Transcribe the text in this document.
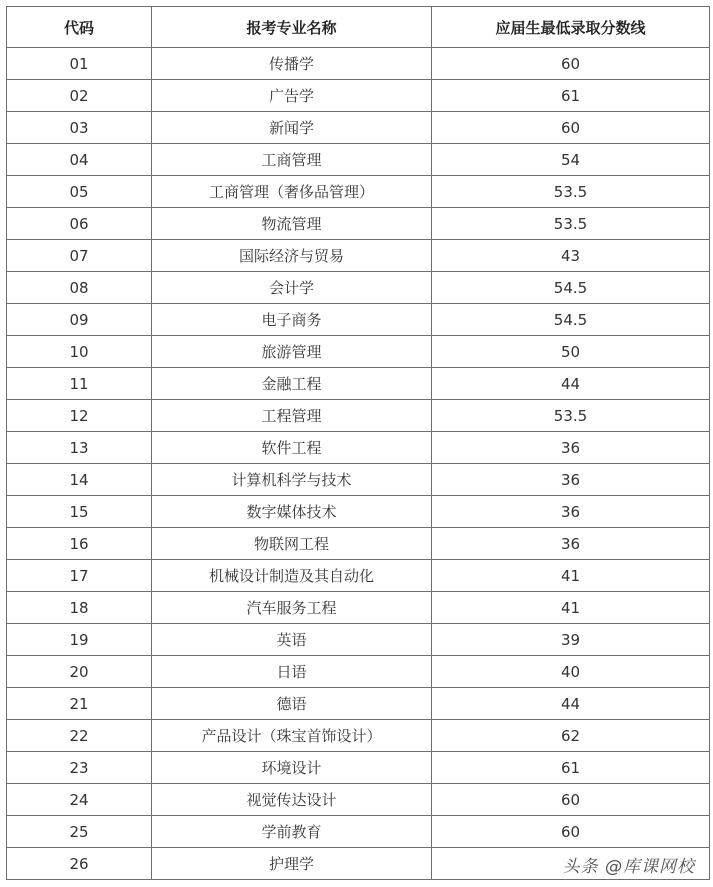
代码	报考专业名称	应届生最低录取分数线
01	传播学	60
02	广告学	61
03	新闻学	60
04	工商管理	54
05	工商管理（奢侈品管理）	53.5
06	物流管理	53.5
07	国际经济与贸易	43
08	会计学	54.5
09	电子商务	54.5
10	旅游管理	50
11	金融工程	44
12	工程管理	53.5
13	软件工程	36
14	计算机科学与技术	36
15	数字媒体技术	36
16	物联网工程	36
17	机械设计制造及其自动化	41
18	汽车服务工程	41
19	英语	39
20	日语	40
21	德语	44
22	产品设计（珠宝首饰设计）	62
23	环境设计	61
24	视觉传达设计	60
25	学前教育	60
26	护理学		头条 @库课网校
